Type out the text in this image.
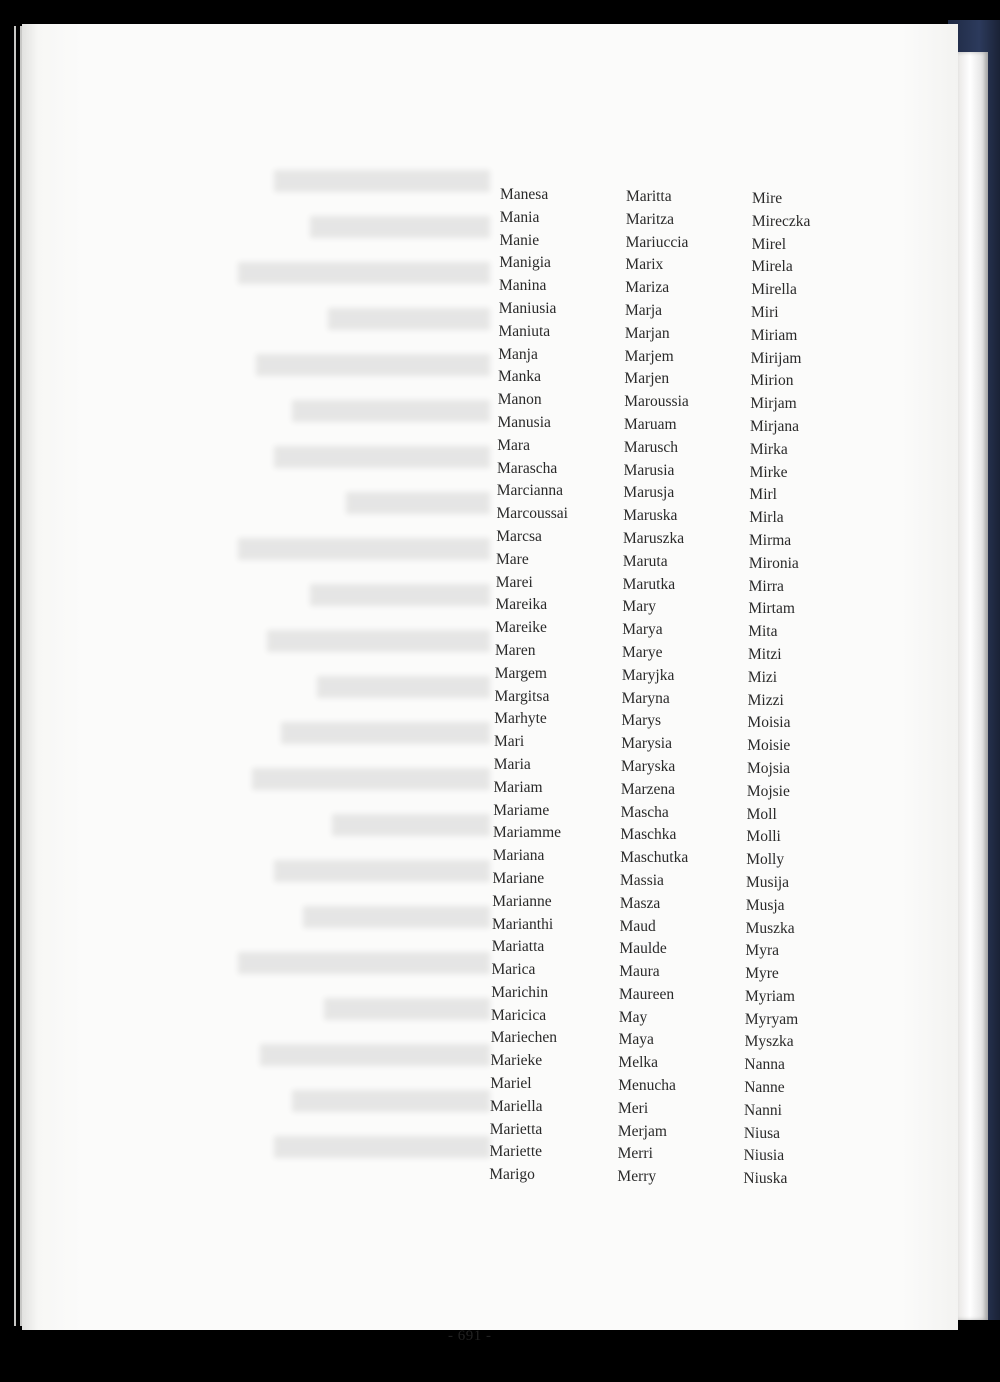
Manesa
Mania
Manie
Manigia
Manina
Maniusia
Maniuta
Manja
Manka
Manon
Manusia
Mara
Marascha
Marcianna
Marcoussai
Marcsa
Mare
Marei
Mareika
Mareike
Maren
Margem
Margitsa
Marhyte
Mari
Maria
Mariam
Mariame
Mariamme
Mariana
Mariane
Marianne
Marianthi
Mariatta
Marica
Marichin
Maricica
Mariechen
Marieke
Mariel
Mariella
Marietta
Mariette
Marigo
Maritta
Maritza
Mariuccia
Marix
Mariza
Marja
Marjan
Marjem
Marjen
Maroussia
Maruam
Marusch
Marusia
Marusja
Maruska
Maruszka
Maruta
Marutka
Mary
Marya
Marye
Maryjka
Maryna
Marys
Marysia
Maryska
Marzena
Mascha
Maschka
Maschutka
Massia
Masza
Maud
Maulde
Maura
Maureen
May
Maya
Melka
Menucha
Meri
Merjam
Merri
Merry
Mire
Mireczka
Mirel
Mirela
Mirella
Miri
Miriam
Mirijam
Mirion
Mirjam
Mirjana
Mirka
Mirke
Mirl
Mirla
Mirma
Mironia
Mirra
Mirtam
Mita
Mitzi
Mizi
Mizzi
Moisia
Moisie
Mojsia
Mojsie
Moll
Molli
Molly
Musija
Musja
Muszka
Myra
Myre
Myriam
Myryam
Myszka
Nanna
Nanne
Nanni
Niusa
Niusia
Niuska
- 691 -
